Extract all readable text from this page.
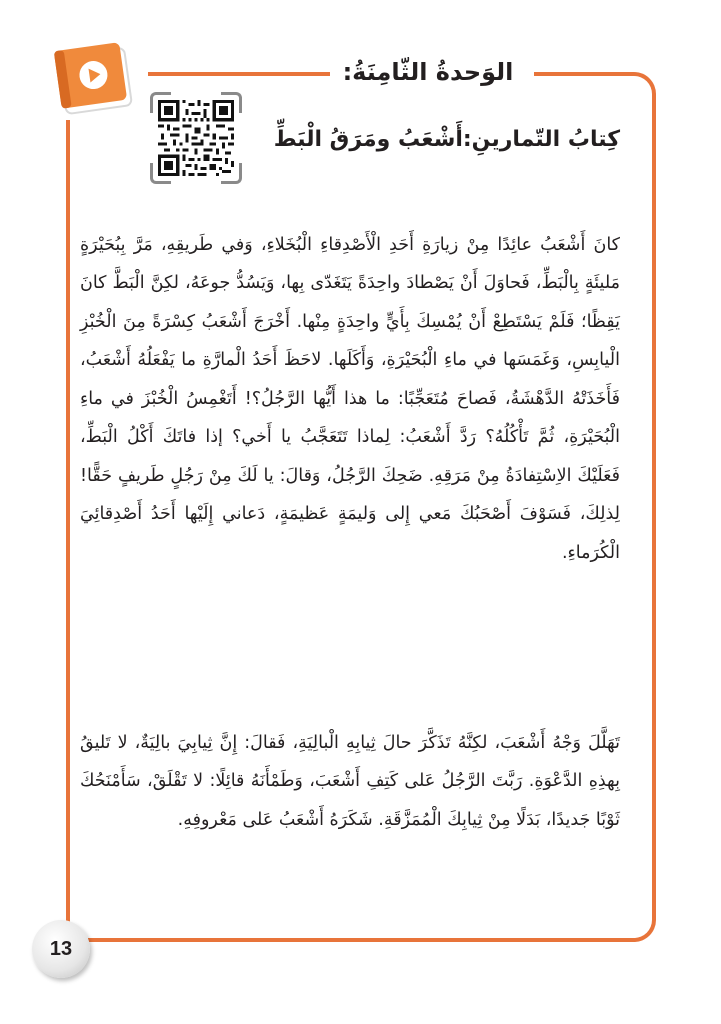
الوَحدةُ الثّامِنَةُ:
كِتابُ التّمارينِ:أَشْعَبُ ومَرَقُ الْبَطِّ

كانَ أَشْعَبُ عائِدًا مِنْ زيارَةِ أَحَدِ الْأَصْدِقاءِ الْبُخَلاءِ، وَفي طَريقِهِ، مَرَّ بِبُحَيْرَةٍ مَليئَةٍ بِالْبَطِّ، فَحاوَلَ أَنْ يَصْطادَ واحِدَةً يَتَغَدّى بِها، وَيَسُدُّ جوعَهُ، لكِنَّ الْبَطَّ كانَ يَقِظًا؛ فَلَمْ يَسْتَطِعْ أَنْ يُمْسِكَ بِأَيٍّ واحِدَةٍ مِنْها. أَخْرَجَ أَشْعَبُ كِسْرَةً مِنَ الْخُبْزِ الْيابِسِ، وَغَمَسَها في ماءِ الْبُحَيْرَةِ، وَأَكَلَها. لاحَظَ أَحَدُ الْمارَّةِ ما يَفْعَلُهُ أَشْعَبُ، فَأَخَذَتْهُ الدَّهْشَةُ، فَصاحَ مُتَعَجِّبًا: ما هذا أَيُّها الرَّجُلُ؟! أَتَغْمِسُ الْخُبْزَ في ماءِ الْبُحَيْرَةِ، ثُمَّ تَأْكُلُهُ؟ رَدَّ أَشْعَبُ: لِماذا تَتَعَجَّبُ يا أَخي؟ إذا فاتَكَ أَكْلُ الْبَطِّ، فَعَلَيْكَ الاِسْتِفادَةُ مِنْ مَرَقِهِ. ضَحِكَ الرَّجُلُ، وَقالَ: يا لَكَ مِنْ رَجُلٍ طَريفٍ حَقًّا! لِذلِكَ، فَسَوْفَ أَصْحَبُكَ مَعي إِلى وَليمَةٍ عَظيمَةٍ، دَعاني إِلَيْها أَحَدُ أَصْدِقائِيَ الْكُرَماءِ.

تَهَلَّلَ وَجْهُ أَشْعَبَ، لكِنَّهُ تَذَكَّرَ حالَ ثِيابِهِ الْبالِيَةِ، فَقالَ: إِنَّ ثِيابِيَ بالِيَةٌ، لا تَليقُ بِهذِهِ الدَّعْوَةِ. رَبَّتَ الرَّجُلُ عَلى كَتِفِ أَشْعَبَ، وَطَمْأَنَهُ قائِلًا: لا تَقْلَقْ، سَأَمْنَحُكَ ثَوْبًا جَديدًا، بَدَلًا مِنْ ثِيابِكَ الْمُمَزَّقَةِ. شَكَرَهُ أَشْعَبُ عَلى مَعْروفِهِ.

13
